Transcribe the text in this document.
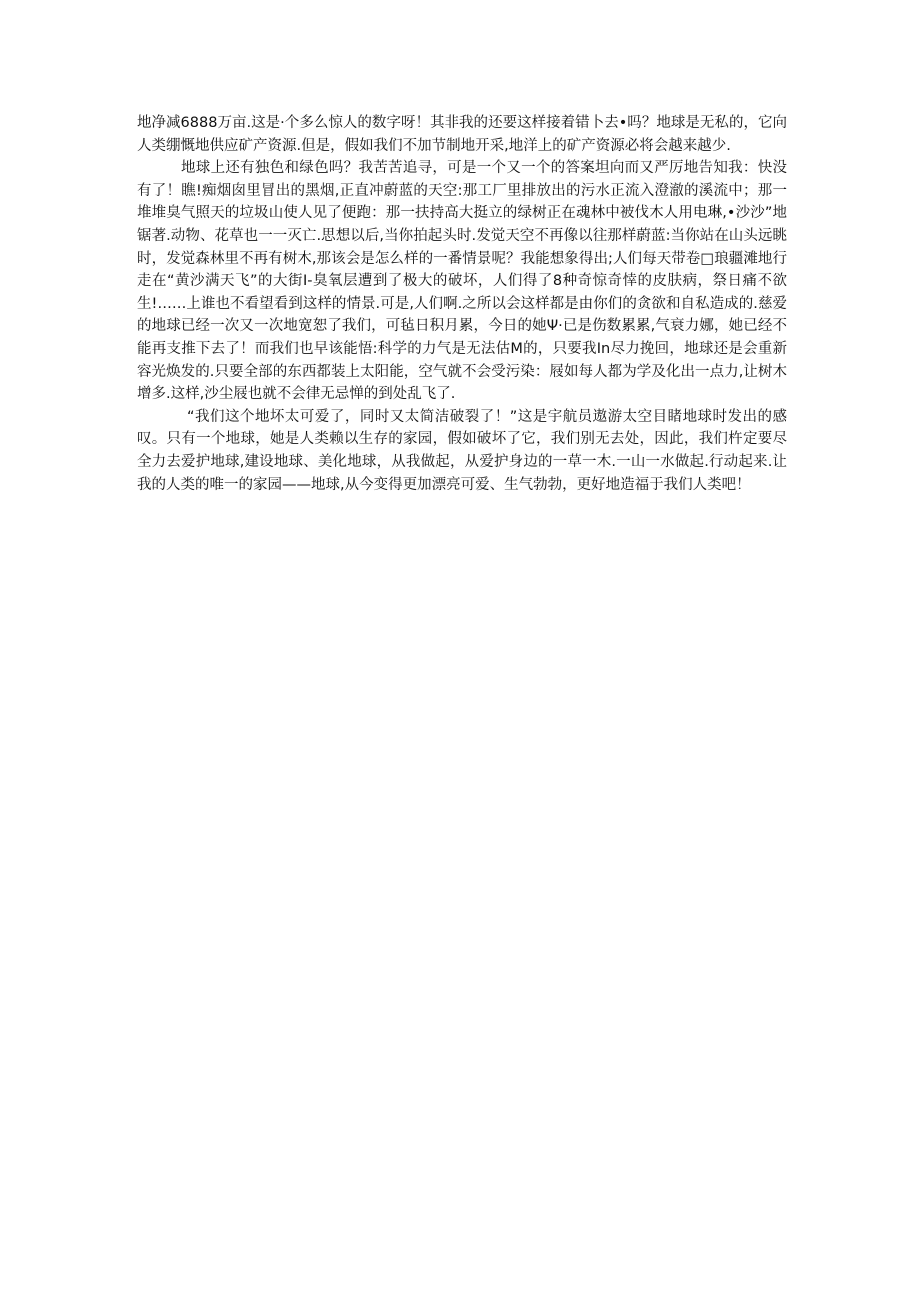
地净减6888万亩.这是·个多么惊人的数字呀！其非我的还要这样接着错卜去•吗？地球是无私的，它向人类绷慨地供应矿产资源.但是，假如我们不加节制地开采,地洋上的矿产资源必将会越来越少.

地球上还有独色和绿色吗？我苦苦追寻，可是一个又一个的答案坦向而又严厉地告知我：快没有了！瞧!痴烟囱里冒出的黑烟,正直冲蔚蓝的天空:那工厂里排放出的污水正流入澄澈的溪流中；那一堆堆臭气照天的垃圾山使人见了便跑：那一扶持高大挺立的绿树正在魂林中被伐木人用电琳,•沙沙”地锯著.动物、花草也一一灭亡.思想以后,当你拍起头时.发觉天空不再像以往那样蔚蓝:当你站在山头远眺时，发觉森林里不再有树木,那该会是怎么样的一番情景呢？我能想象得出;人们每天带卷□琅疆滩地行走在“黄沙满天飞”的大街I-臭氧层遭到了极大的破坏，人们得了8种奇惊奇悻的皮肤病，祭日痛不欲生!……上谁也不看望看到这样的情景.可是,人们啊.之所以会这样都是由你们的贪欲和自私造成的.慈爱的地球已经一次又一次地宽恕了我们，可毡日积月累，今日的她Ψ·已是伤数累累,气衰力娜，她已经不能再支推下去了！而我们也早该能悟:科学的力气是无法估M的，只要我In尽力挽回，地球还是会重新容光焕发的.只要全部的东西都装上太阳能，空气就不会受污染：屐如每人都为学及化出一点力,让树木增多.这样,沙尘屐也就不会律无忌惮的到处乱飞了.

“我们这个地坏太可爱了，同时又太简洁破裂了！”这是宇航员遨游太空目睹地球时发出的感叹。只有一个地球，她是人类赖以生存的家园，假如破坏了它，我们别无去处，因此，我们杵定要尽全力去爱护地球,建设地球、美化地球，从我做起，从爱护身边的一草一木.一山一水做起.行动起来.让我的人类的唯一的家园——地球,从今变得更加漂亮可爱、生气勃勃，更好地造福于我们人类吧！
